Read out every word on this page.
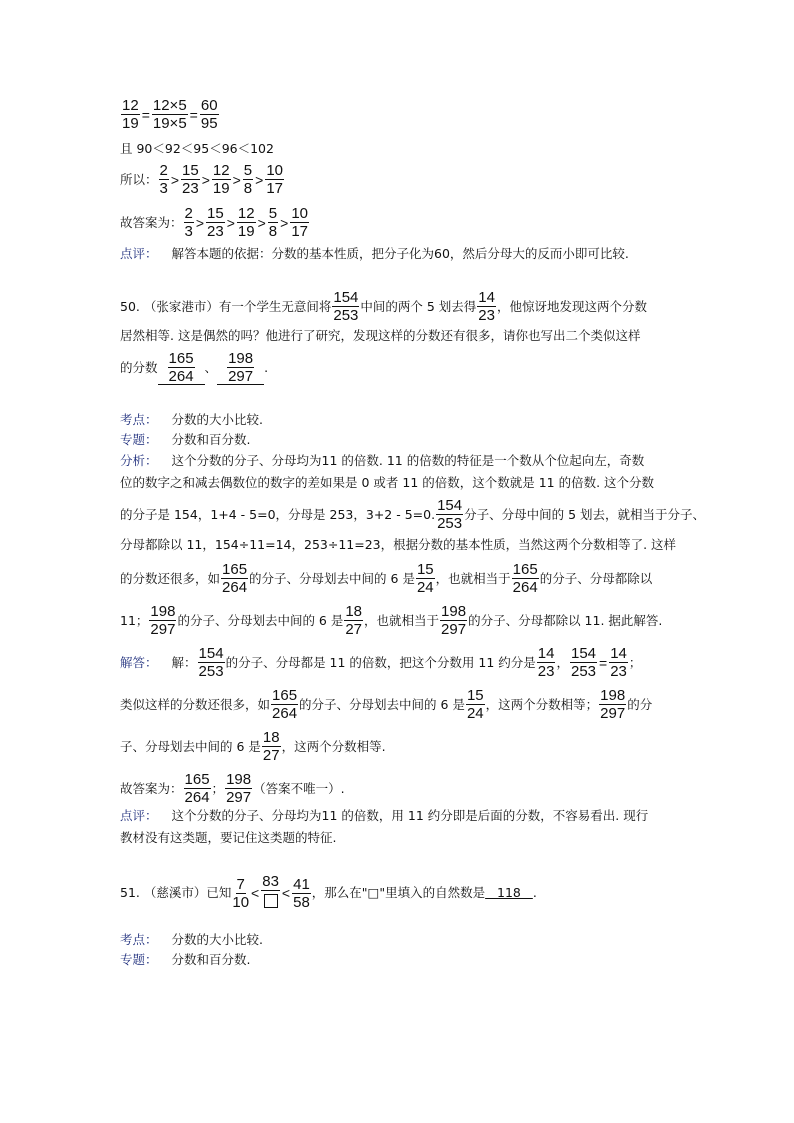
$\frac{12}{19} = \frac{12\times 5}{19\times 5} = \frac{60}{95}$
且 90＜92＜95＜96＜102
所以： $\frac{2}{3} > \frac{15}{23} > \frac{12}{19} > \frac{5}{8} > \frac{10}{17}$
故答案为： $\frac{2}{3} > \frac{15}{23} > \frac{12}{19} > \frac{5}{8} > \frac{10}{17}$
点评： 解答本题的依据：分数的基本性质，把分子化为60，然后分母大的反而小即可比较.
50. （张家港市）有一个学生无意间将 $\frac{154}{253}$ 中间的两个 5 划去得 $\frac{14}{23}$ ，他惊讶地发现这两个分数
居然相等. 这是偶然的吗？他进行了研究，发现这样的分数还有很多，请你也写出二个类似这样
的分数 $\frac{165}{264}$ 、 $\frac{198}{297}$ .
考点： 分数的大小比较.
专题： 分数和百分数.
分析： 这个分数的分子、分母均为11 的倍数. 11 的倍数的特征是一个数从个位起向左，奇数
位的数字之和减去偶数位的数字的差如果是 0 或者 11 的倍数，这个数就是 11 的倍数. 这个分数
的分子是 154，1+4 - 5=0，分母是 253，3+2 - 5=0. $\frac{154}{253}$ 分子、分母中间的 5 划去，就相当于分子、
分母都除以 11，154÷11=14，253÷11=23，根据分数的基本性质，当然这两个分数相等了. 这样
的分数还很多，如 $\frac{165}{264}$ 的分子、分母划去中间的 6 是 $\frac{15}{24}$ ，也就相当于 $\frac{165}{264}$ 的分子、分母都除以
11； $\frac{198}{297}$ 的分子、分母划去中间的 6 是 $\frac{18}{27}$ ，也就相当于 $\frac{198}{297}$ 的分子、分母都除以 11. 据此解答.
解答： 解： $\frac{154}{253}$ 的分子、分母都是 11 的倍数，把这个分数用 11 约分是 $\frac{14}{23}$ ， $\frac{154}{253} = \frac{14}{23}$ ；
类似这样的分数还很多，如 $\frac{165}{264}$ 的分子、分母划去中间的 6 是 $\frac{15}{24}$ ，这两个分数相等； $\frac{198}{297}$ 的分
子、分母划去中间的 6 是 $\frac{18}{27}$ ，这两个分数相等.
故答案为： $\frac{165}{264}$ ； $\frac{198}{297}$ （答案不唯一）.
点评： 这个分数的分子、分母均为11 的倍数，用 11 约分即是后面的分数，不容易看出. 现行
教材没有这类题，要记住这类题的特征.
51. （慈溪市）已知 $\frac{7}{10}$ <
83
< $\frac{41}{58}$ ，那么在"□"里填入的自然数是 118 .
考点： 分数的大小比较.
专题： 分数和百分数.
